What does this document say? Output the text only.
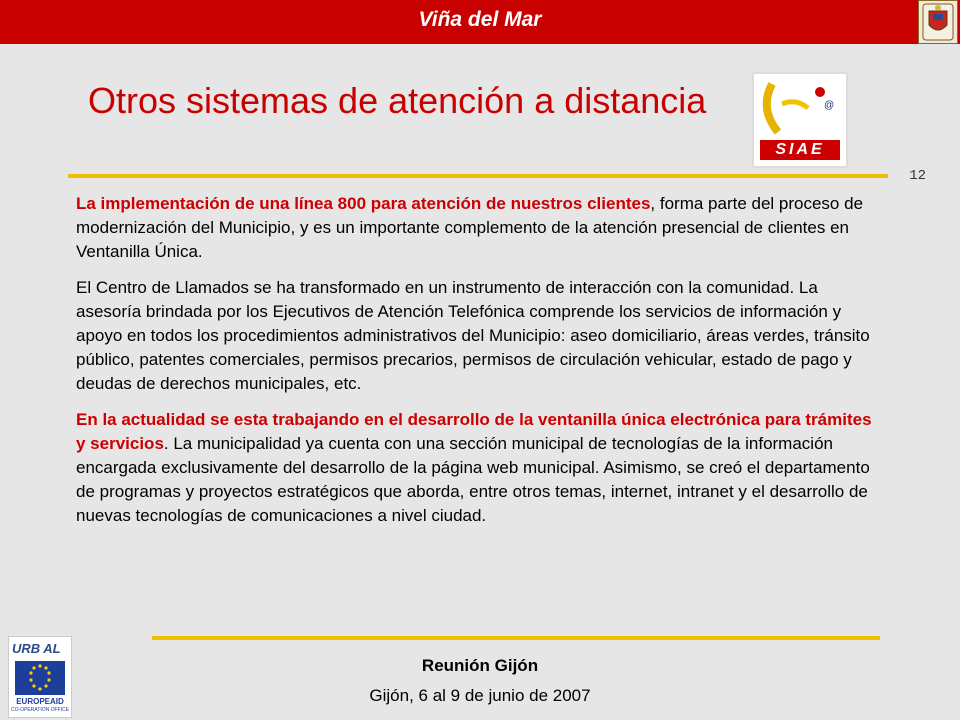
Viña del Mar
Otros sistemas de atención a distancia	@
SIAE
12

La implementación de una línea 800 para atención de nuestros clientes, forma parte del proceso de modernización del Municipio, y es un importante complemento de la atención presencial de clientes en Ventanilla Única.

El Centro de Llamados se ha transformado en un instrumento de interacción con la comunidad. La asesoría brindada por los Ejecutivos de Atención Telefónica comprende los servicios de información y apoyo en todos los procedimientos administrativos del Municipio: aseo domiciliario, áreas verdes, tránsito público, patentes comerciales, permisos precarios, permisos de circulación vehicular, estado de pago y deudas de derechos municipales, etc.

En la actualidad se esta trabajando en el desarrollo de la ventanilla única electrónica para trámites y servicios. La municipalidad ya cuenta con una sección municipal de tecnologías de la información encargada exclusivamente del desarrollo de la página web municipal. Asimismo, se creó el departamento de programas y proyectos estratégicos que aborda, entre otros temas, internet, intranet y el desarrollo de nuevas tecnologías de comunicaciones a nivel ciudad.

URB AL
EUROPEAID
CO-OPERATION OFFICE
Reunión Gijón
Gijón, 6 al 9 de junio de 2007
